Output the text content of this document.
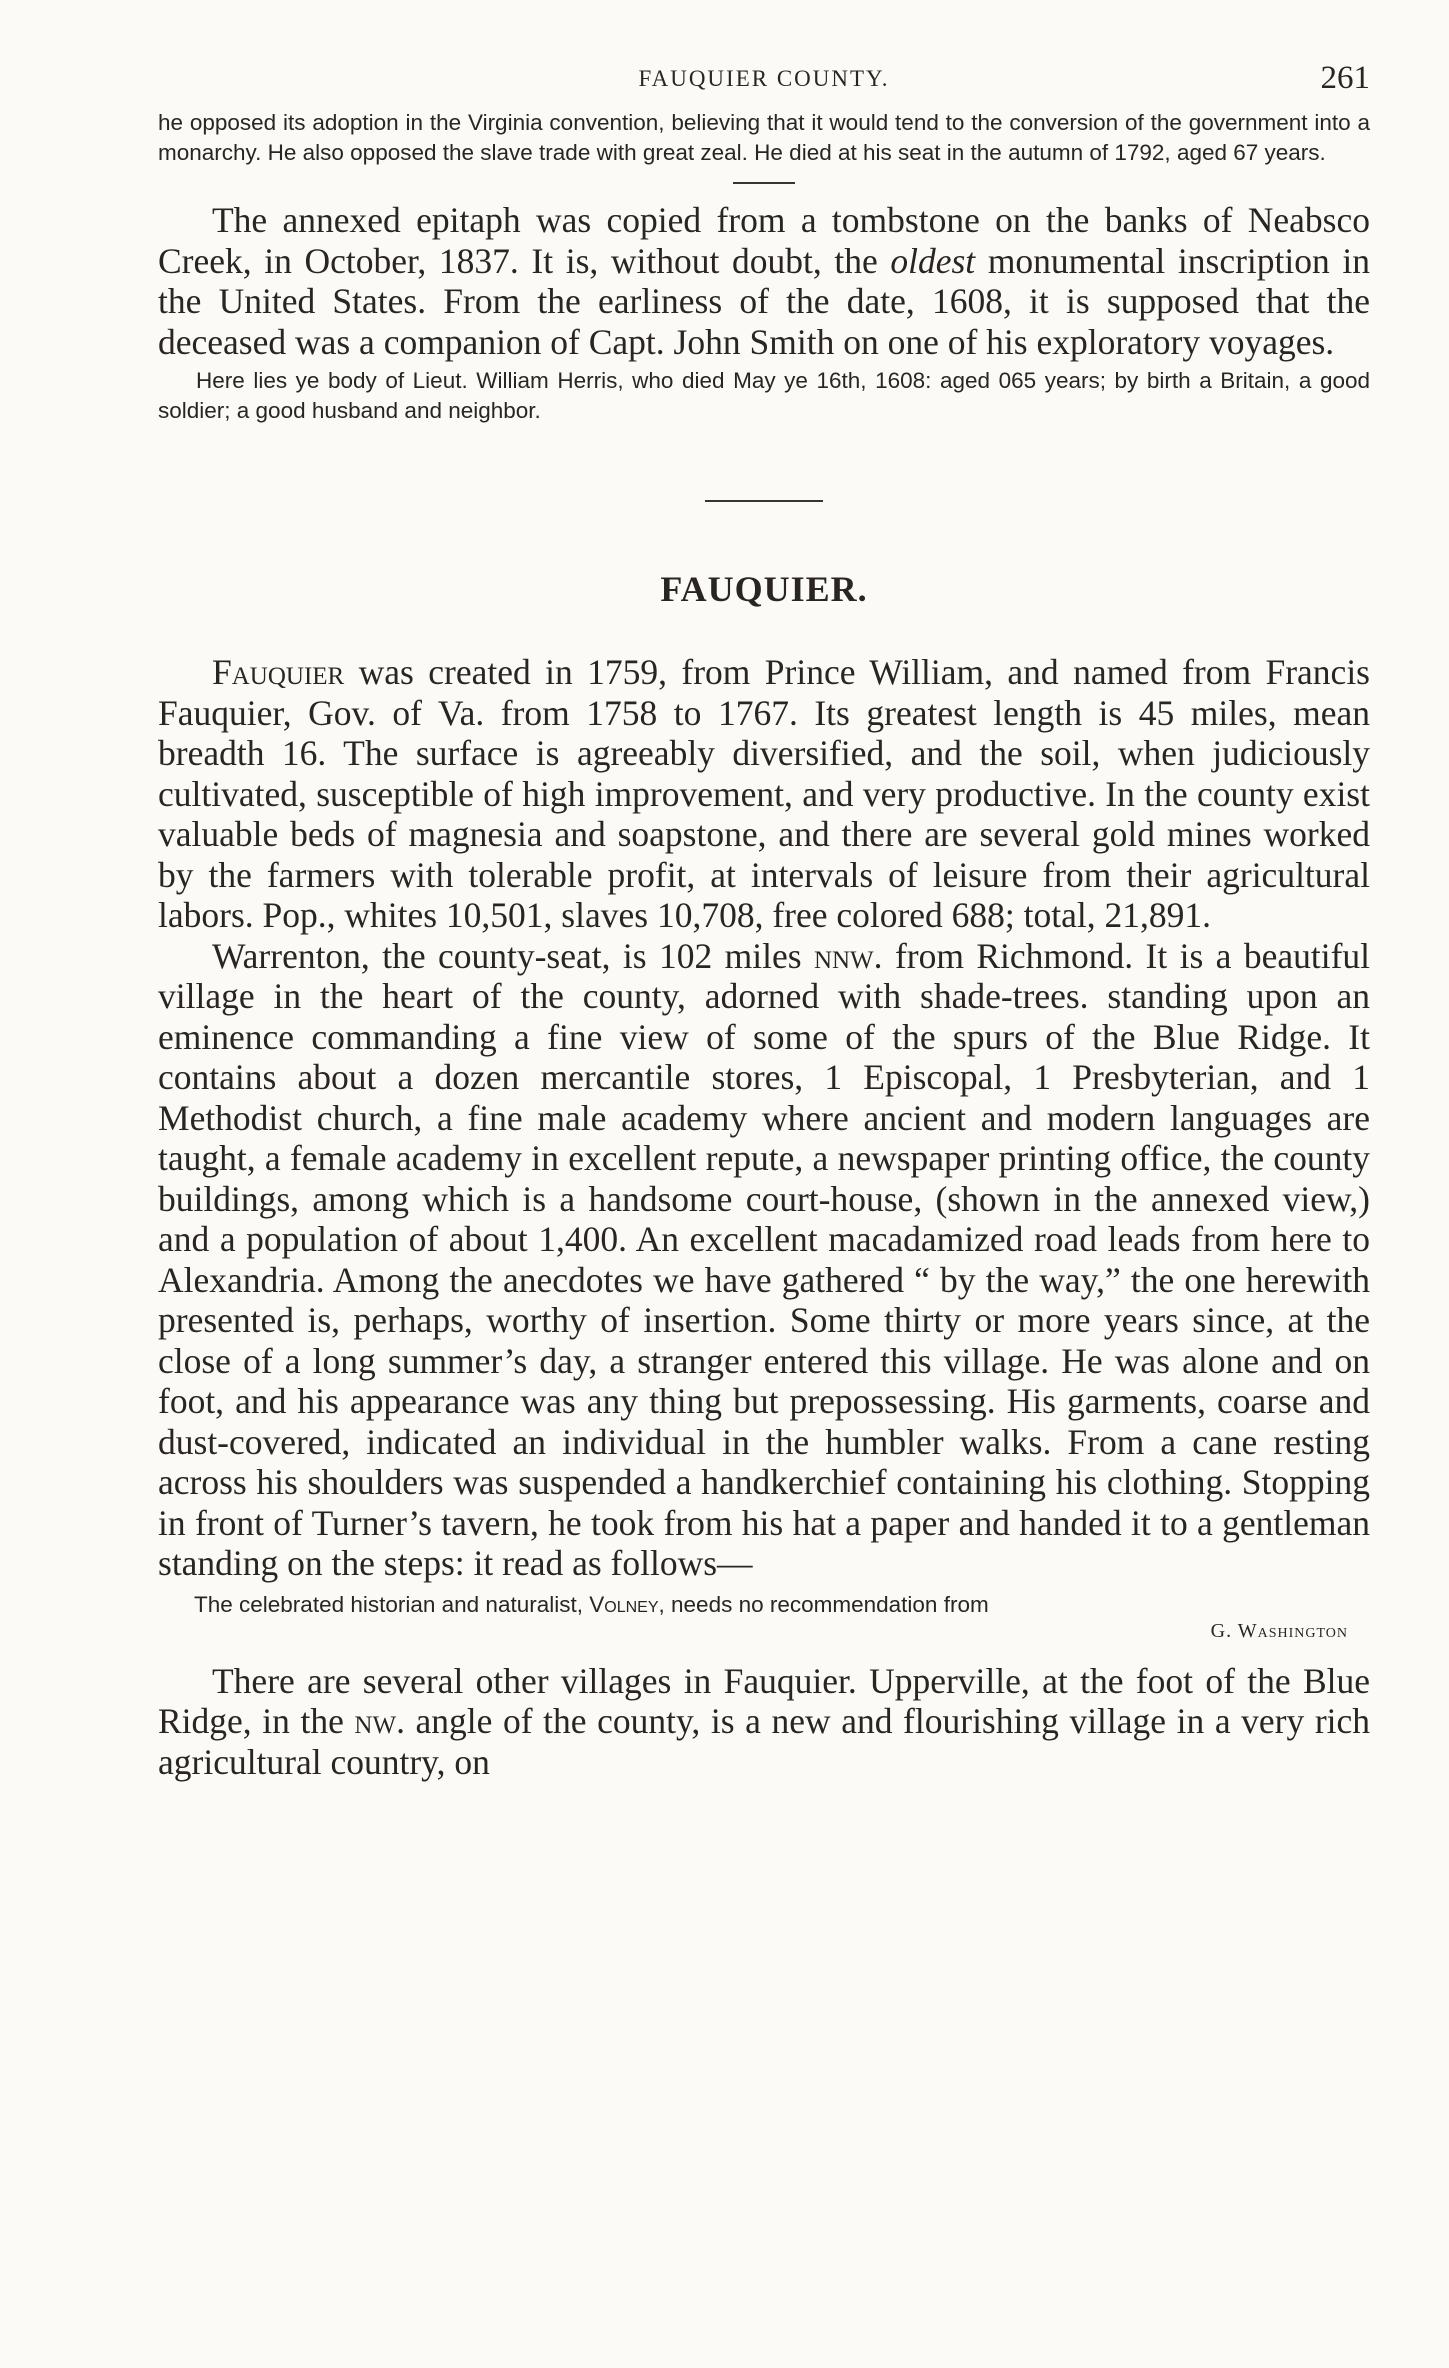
FAUQUIER COUNTY.	261

he opposed its adoption in the Virginia convention, believing that it would tend to the conversion of the government into a monarchy. He also opposed the slave trade with great zeal. He died at his seat in the autumn of 1792, aged 67 years.

The annexed epitaph was copied from a tombstone on the banks of Neabsco Creek, in October, 1837. It is, without doubt, the oldest monumental inscription in the United States. From the earliness of the date, 1608, it is supposed that the deceased was a companion of Capt. John Smith on one of his exploratory voyages.

Here lies ye body of Lieut. William Herris, who died May ye 16th, 1608: aged 065 years; by birth a Britain, a good soldier; a good husband and neighbor.

FAUQUIER.

Fauquier was created in 1759, from Prince William, and named from Francis Fauquier, Gov. of Va. from 1758 to 1767. Its greatest length is 45 miles, mean breadth 16. The surface is agreeably diversified, and the soil, when judiciously cultivated, susceptible of high improvement, and very productive. In the county exist valuable beds of magnesia and soapstone, and there are several gold mines worked by the farmers with tolerable profit, at intervals of leisure from their agricultural labors. Pop., whites 10,501, slaves 10,708, free colored 688; total, 21,891.

Warrenton, the county-seat, is 102 miles nnw. from Richmond. It is a beautiful village in the heart of the county, adorned with shade-trees. standing upon an eminence commanding a fine view of some of the spurs of the Blue Ridge. It contains about a dozen mercantile stores, 1 Episcopal, 1 Presbyterian, and 1 Methodist church, a fine male academy where ancient and modern languages are taught, a female academy in excellent repute, a newspaper printing office, the county buildings, among which is a handsome court-house, (shown in the annexed view,) and a population of about 1,400. An excellent macadamized road leads from here to Alexandria. Among the anecdotes we have gathered “ by the way,” the one herewith presented is, perhaps, worthy of insertion. Some thirty or more years since, at the close of a long summer’s day, a stranger entered this village. He was alone and on foot, and his appearance was any thing but prepossessing. His garments, coarse and dust-covered, indicated an individual in the humbler walks. From a cane resting across his shoulders was suspended a handkerchief containing his clothing. Stopping in front of Turner’s tavern, he took from his hat a paper and handed it to a gentleman standing on the steps: it read as follows—

The celebrated historian and naturalist, Volney, needs no recommendation from

G. Washington

There are several other villages in Fauquier. Upperville, at the foot of the Blue Ridge, in the nw. angle of the county, is a new and flourishing village in a very rich agricultural country, on
